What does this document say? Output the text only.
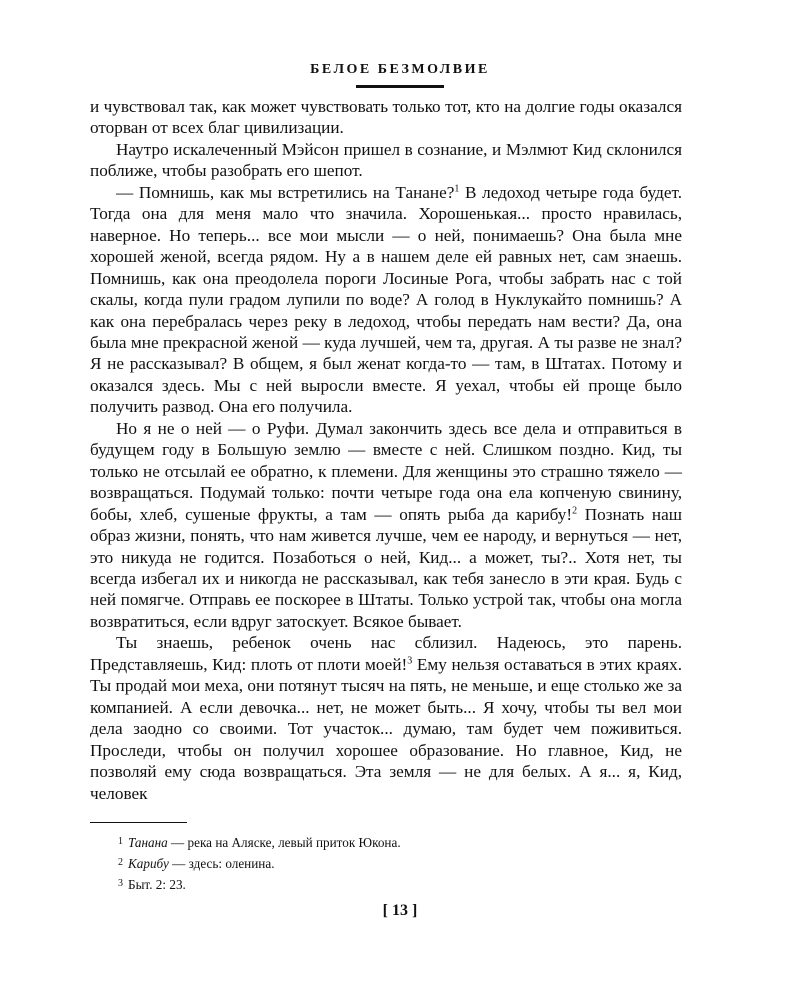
БЕЛОЕ БЕЗМОЛВИЕ

и чувствовал так, как может чувствовать только тот, кто на долгие годы оказался оторван от всех благ цивилизации.

Наутро искалеченный Мэйсон пришел в сознание, и Мэлмют Кид склонился поближе, чтобы разобрать его шепот.

— Помнишь, как мы встретились на Танане?$^1$ В ледоход четыре года будет. Тогда она для меня мало что значила. Хорошенькая... просто нравилась, наверное. Но теперь... все мои мысли — о ней, понимаешь? Она была мне хорошей женой, всегда рядом. Ну а в нашем деле ей равных нет, сам знаешь. Помнишь, как она преодолела пороги Лосиные Рога, чтобы забрать нас с той скалы, когда пули градом лупили по воде? А голод в Нуклукайто помнишь? А как она перебралась через реку в ледоход, чтобы передать нам вести? Да, она была мне прекрасной женой — куда лучшей, чем та, другая. А ты разве не знал? Я не рассказывал? В общем, я был женат когда-то — там, в Штатах. Потому и оказался здесь. Мы с ней выросли вместе. Я уехал, чтобы ей проще было получить развод. Она его получила.

Но я не о ней — о Руфи. Думал закончить здесь все дела и отправиться в будущем году в Большую землю — вместе с ней. Слишком поздно. Кид, ты только не отсылай ее обратно, к племени. Для женщины это страшно тяжело — возвращаться. Подумай только: почти четыре года она ела копченую свинину, бобы, хлеб, сушеные фрукты, а там — опять рыба да карибу!$^2$ Познать наш образ жизни, понять, что нам живется лучше, чем ее народу, и вернуться — нет, это никуда не годится. Позаботься о ней, Кид... а может, ты?.. Хотя нет, ты всегда избегал их и никогда не рассказывал, как тебя занесло в эти края. Будь с ней помягче. Отправь ее поскорее в Штаты. Только устрой так, чтобы она могла возвратиться, если вдруг затоскует. Всякое бывает.

Ты знаешь, ребенок очень нас сблизил. Надеюсь, это парень. Представляешь, Кид: плоть от плоти моей!$^3$ Ему нельзя оставаться в этих краях. Ты продай мои меха, они потянут тысяч на пять, не меньше, и еще столько же за компанией. А если девочка... нет, не может быть... Я хочу, чтобы ты вел мои дела заодно со своими. Тот участок... думаю, там будет чем поживиться. Проследи, чтобы он получил хорошее образование. Но главное, Кид, не позволяй ему сюда возвращаться. Эта земля — не для белых. А я... я, Кид, человек

$^1$ Танана — река на Аляске, левый приток Юкона.

$^2$ Карибу — здесь: оленина.

$^3$ Быт. 2: 23.

[ 13 ]
